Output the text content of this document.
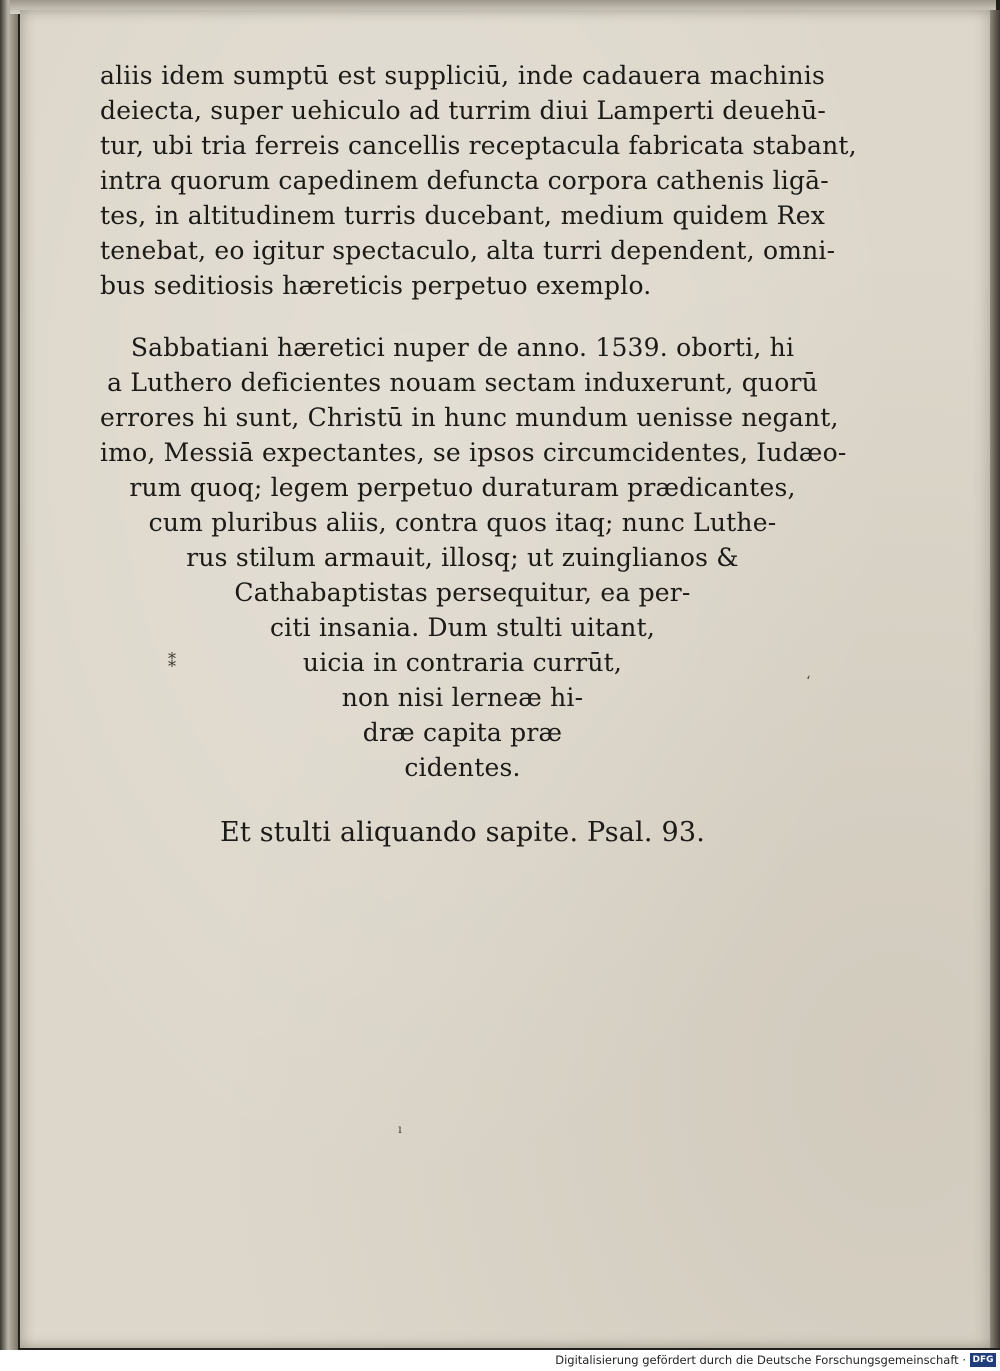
aliis idem sumptū est suppliciū, inde cadauera machinis
deiecta, super uehiculo ad turrim diui Lamperti deuehū-
tur, ubi tria ferreis cancellis receptacula fabricata stabant,
intra quorum capedinem defuncta corpora cathenis ligā-
tes, in altitudinem turris ducebant, medium quidem Rex
tenebat, eo igitur spectaculo, alta turri dependent, omni-
bus seditiosis hæreticis perpetuo exemplo.
Sabbatiani hæretici nuper de anno. 1539. oborti, hi
a Luthero deficientes nouam sectam induxerunt, quorū
errores hi sunt, Christū in hunc mundum uenisse negant,
imo, Messiā expectantes, se ipsos circumcidentes, Iudæo-
rum quoq; legem perpetuo duraturam prædicantes,
cum pluribus aliis, contra quos itaq; nunc Luthe-
rus stilum armauit, illosq; ut zuinglianos &
Cathabaptistas persequitur, ea per-
citi insania. Dum stulti uitant,
uicia in contraria currūt,
non nisi lerneæ hi-
dræ capita præ
cidentes.
Et stulti aliquando sapite. Psal. 93.
⁑
‘
ı
Digitalisierung gefördert durch die Deutsche Forschungsgemeinschaft · DFG
